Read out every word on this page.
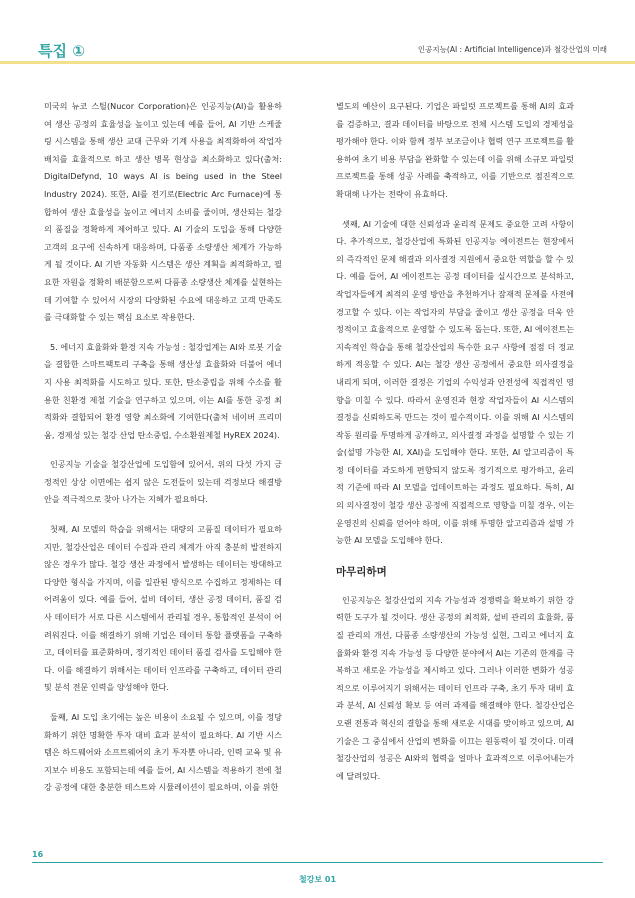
특집 ①	인공지능(AI : Artificial Intelligence)과 철강산업의 미래

미국의 뉴코 스틸(Nucor Corporation)은 인공지능(AI)을 활용하여 생산 공정의 효율성을 높이고 있는데 예를 들어, AI 기반 스케줄링 시스템을 통해 생산 교대 근무와 기계 사용을 최적화하여 작업자 배치를 효율적으로 하고 생산 병목 현상을 최소화하고 있다(출처: DigitalDefynd, 10 ways AI is being used in the Steel Industry 2024). 또한, AI를 전기로(Electric Arc Furnace)에 통합하여 생산 효율성을 높이고 에너지 소비를 줄이며, 생산되는 철강의 품질을 정확하게 제어하고 있다. AI 기술의 도입을 통해 다양한 고객의 요구에 신속하게 대응하며, 다품종 소량생산 체계가 가능하게 될 것이다. AI 기반 자동화 시스템은 생산 계획을 최적화하고, 필요한 자원을 정확히 배분함으로써 다품종 소량생산 체계를 실현하는 데 기여할 수 있어서 시장의 다양화된 수요에 대응하고 고객 만족도를 극대화할 수 있는 핵심 요소로 작용한다.

5. 에너지 효율화와 환경 지속 가능성 : 철강업계는 AI와 로봇 기술을 결합한 스마트팩토리 구축을 통해 생산성 효율화와 더불어 에너지 사용 최적화를 시도하고 있다. 또한, 탄소중립을 위해 수소를 활용한 친환경 제철 기술을 연구하고 있으며, 이는 AI를 통한 공정 최적화와 결합되어 환경 영향 최소화에 기여한다(출처 네이버 프리미움, 경제성 있는 철강 산업 탄소중립, 수소환원제철 HyREX 2024).

인공지능 기술을 철강산업에 도입함에 있어서, 위의 다섯 가지 긍정적인 상상 이면에는 쉽지 않은 도전들이 있는데 걱정보다 해결방안을 적극적으로 찾아 나가는 지혜가 필요하다.

첫째, AI 모델의 학습을 위해서는 대량의 고품질 데이터가 필요하지만, 철강산업은 데이터 수집과 관리 체계가 아직 충분히 발전하지 않은 경우가 많다. 철강 생산 과정에서 발생하는 데이터는 방대하고 다양한 형식을 가지며, 이를 일관된 방식으로 수집하고 정제하는 데 어려움이 있다. 예를 들어, 설비 데이터, 생산 공정 데이터, 품질 검사 데이터가 서로 다른 시스템에서 관리될 경우, 통합적인 분석이 어려워진다. 이를 해결하기 위해 기업은 데이터 통합 플랫폼을 구축하고, 데이터를 표준화하며, 정기적인 데이터 품질 검사를 도입해야 한다. 이를 해결하기 위해서는 데이터 인프라를 구축하고, 데이터 관리 및 분석 전문 인력을 양성해야 한다.

둘째, AI 도입 초기에는 높은 비용이 소요될 수 있으며, 이를 정당화하기 위한 명확한 투자 대비 효과 분석이 필요하다. AI 기반 시스템은 하드웨어와 소프트웨어의 초기 투자뿐 아니라, 인력 교육 및 유지보수 비용도 포함되는데 예를 들어, AI 시스템을 적용하기 전에 철강 공정에 대한 충분한 테스트와 시뮬레이션이 필요하며, 이를 위한

별도의 예산이 요구된다. 기업은 파일럿 프로젝트를 통해 AI의 효과를 검증하고, 결과 데이터를 바탕으로 전체 시스템 도입의 경제성을 평가해야 한다. 이와 함께 정부 보조금이나 협력 연구 프로젝트를 활용하여 초기 비용 부담을 완화할 수 있는데 이를 위해 소규모 파일럿 프로젝트를 통해 성공 사례를 축적하고, 이를 기반으로 점진적으로 확대해 나가는 전략이 유효하다.

셋째, AI 기술에 대한 신뢰성과 윤리적 문제도 중요한 고려 사항이다. 추가적으로, 철강산업에 특화된 인공지능 에이전트는 현장에서의 즉각적인 문제 해결과 의사결정 지원에서 중요한 역할을 할 수 있다. 예를 들어, AI 에이전트는 공정 데이터를 실시간으로 분석하고, 작업자들에게 최적의 운영 방안을 추천하거나 잠재적 문제를 사전에 경고할 수 있다. 이는 작업자의 부담을 줄이고 생산 공정을 더욱 안정적이고 효율적으로 운영할 수 있도록 돕는다. 또한, AI 에이전트는 지속적인 학습을 통해 철강산업의 특수한 요구 사항에 점점 더 정교하게 적응할 수 있다. AI는 철강 생산 공정에서 중요한 의사결정을 내리게 되며, 이러한 결정은 기업의 수익성과 안전성에 직접적인 영향을 미칠 수 있다. 따라서 운영진과 현장 작업자들이 AI 시스템의 결정을 신뢰하도록 만드는 것이 필수적이다. 이를 위해 AI 시스템의 작동 원리를 투명하게 공개하고, 의사결정 과정을 설명할 수 있는 기술(설명 가능한 AI, XAI)을 도입해야 한다. 또한, AI 알고리즘이 특정 데이터를 과도하게 편향되지 않도록 정기적으로 평가하고, 윤리적 기준에 따라 AI 모델을 업데이트하는 과정도 필요하다. 특히, AI의 의사결정이 철강 생산 공정에 직접적으로 영향을 미칠 경우, 이는 운영진의 신뢰를 얻어야 하며, 이를 위해 투명한 알고리즘과 설명 가능한 AI 모델을 도입해야 한다.

마무리하며

인공지능은 철강산업의 지속 가능성과 경쟁력을 확보하기 위한 강력한 도구가 될 것이다. 생산 공정의 최적화, 설비 관리의 효율화, 품질 관리의 개선, 다품종 소량생산의 가능성 실현, 그리고 에너지 효율화와 환경 지속 가능성 등 다양한 분야에서 AI는 기존의 한계를 극복하고 새로운 가능성을 제시하고 있다. 그러나 이러한 변화가 성공적으로 이루어지기 위해서는 데이터 인프라 구축, 초기 투자 대비 효과 분석, AI 신뢰성 확보 등 여러 과제를 해결해야 한다. 철강산업은 오랜 전통과 혁신의 결합을 통해 새로운 시대를 맞이하고 있으며, AI 기술은 그 중심에서 산업의 변화를 이끄는 원동력이 될 것이다. 미래 철강산업의 성공은 AI와의 협력을 얼마나 효과적으로 이루어내는가에 달려있다.

16
철강보 01
